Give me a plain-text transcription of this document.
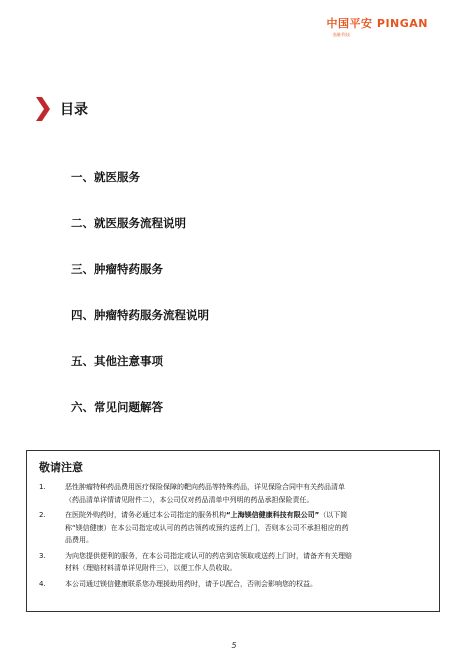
中国平安 PINGAN
金融·科技
目录
一、就医服务
二、就医服务流程说明
三、肿瘤特药服务
四、肿瘤特药服务流程说明
五、其他注意事项
六、常见问题解答
敬请注意
1.	恶性肿瘤特种药品费用医疗保险保障的靶向药品等特殊药品，详见保险合同中有关药品清单
（药品清单详情请见附件二），本公司仅对药品清单中列明的药品承担保险责任。
2.	在医院外购药时，请务必通过本公司指定的服务机构“上海镁信健康科技有限公司”（以下简
称“镁信健康）在本公司指定或认可的药店领药或预约送药上门，否则本公司不承担相应的药
品费用。
3.	为向您提供便利的服务，在本公司指定或认可的药店到店领取或送药上门时，请备齐有关理赔
材料（理赔材料清单详见附件三），以便工作人员收取。
4.	本公司通过镁信健康联系您办理援助用药时，请予以配合，否则会影响您的权益。
5
